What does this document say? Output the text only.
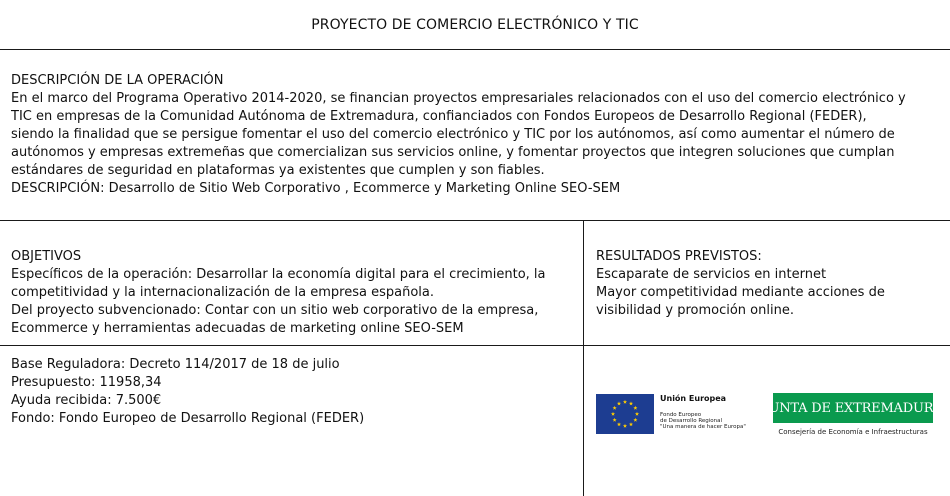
PROYECTO DE COMERCIO ELECTRÓNICO Y TIC

DESCRIPCIÓN DE LA OPERACIÓN

En el marco del Programa Operativo 2014-2020, se financian proyectos empresariales relacionados con el uso del comercio electrónico y

TIC en empresas de la Comunidad Autónoma de Extremadura, confianciados con Fondos Europeos de Desarrollo Regional (FEDER),

siendo la finalidad que se persigue fomentar el uso del comercio electrónico y TIC por los autónomos, así como aumentar el número de

autónomos y empresas extremeñas que comercializan sus servicios online, y fomentar proyectos que integren soluciones que cumplan

estándares de seguridad en plataformas ya existentes que cumplen y son fiables.

DESCRIPCIÓN: Desarrollo de Sitio Web Corporativo , Ecommerce y Marketing Online SEO-SEM

OBJETIVOS

Específicos de la operación: Desarrollar la economía digital para el crecimiento, la

competitividad y la internacionalización de la empresa española.

Del proyecto subvencionado: Contar con un sitio web corporativo de la empresa,

Ecommerce y herramientas adecuadas de marketing online SEO-SEM

RESULTADOS PREVISTOS:

Escaparate de servicios en internet

Mayor competitividad mediante acciones de

visibilidad y promoción online.

Base Reguladora: Decreto 114/2017 de 18 de julio

Presupuesto: 11958,34

Ayuda recibida: 7.500€

Fondo: Fondo Europeo de Desarrollo Regional (FEDER)

Unión Europea
Fondo Europeo
de Desarrollo Regional
"Una manera de hacer Europa"
JUNTA DE EXTREMADURA
Consejería de Economía e Infraestructuras
